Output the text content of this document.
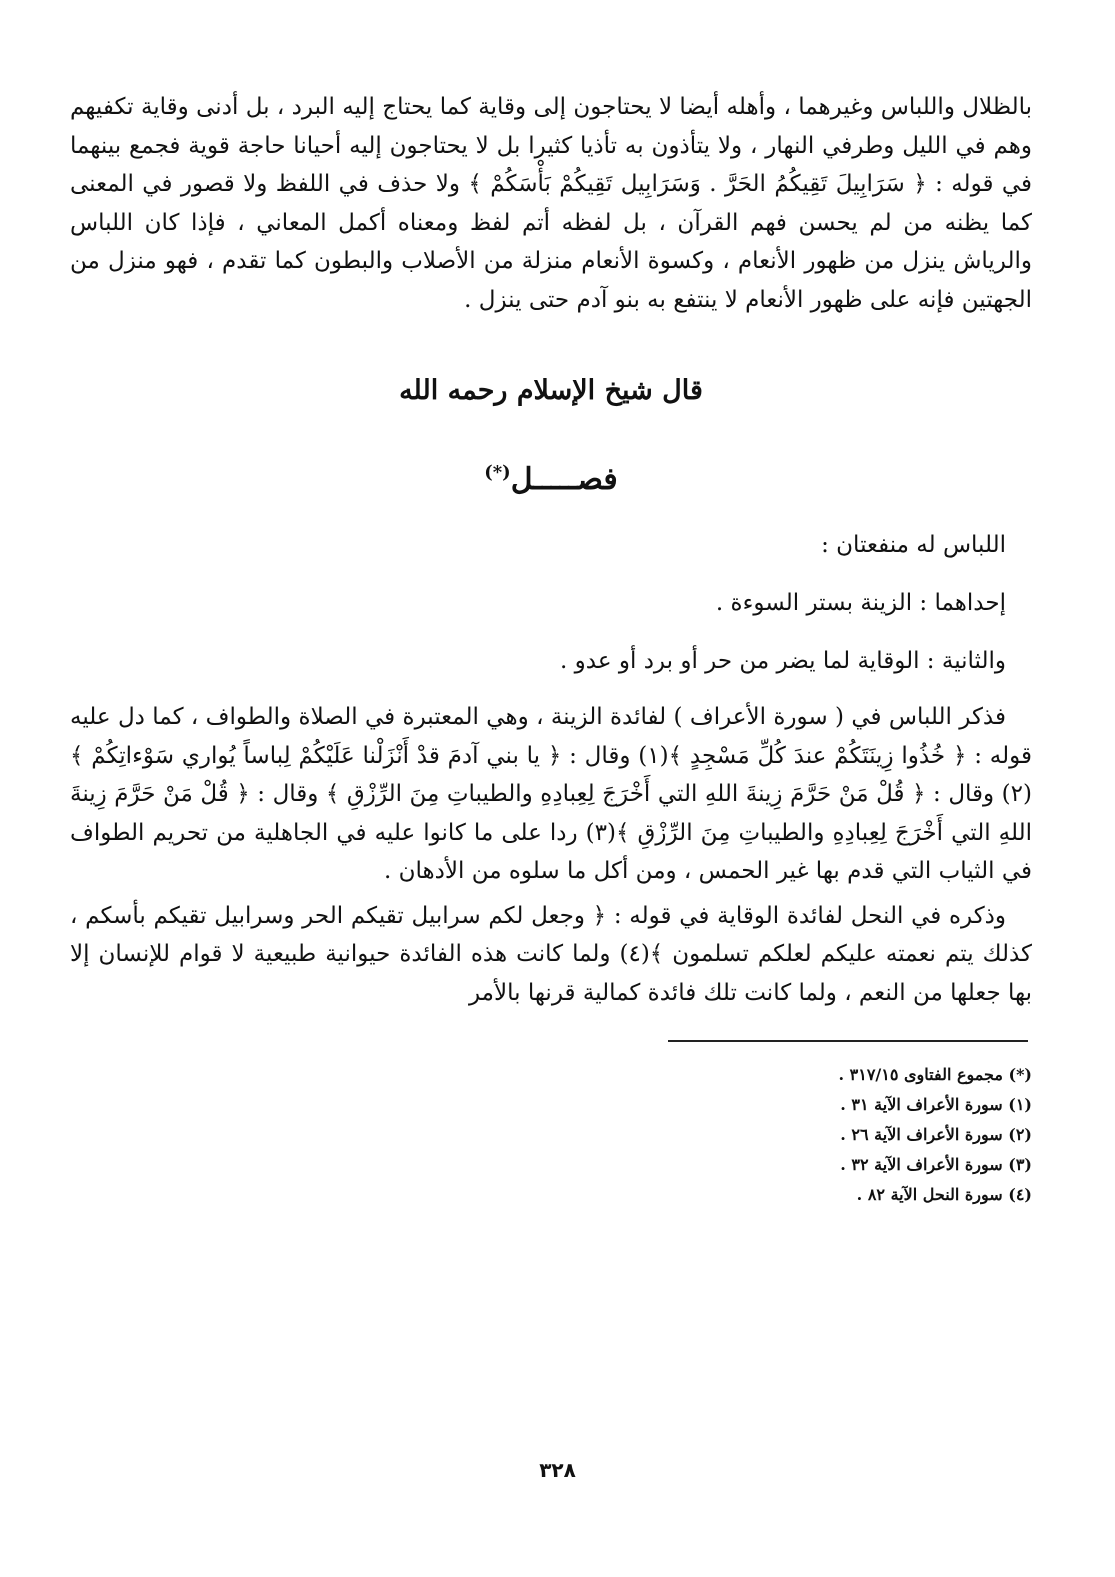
بالظلال واللباس وغيرهما ، وأهله أيضا لا يحتاجون إلى وقاية كما يحتاج إليه البرد ، بل أدنى وقاية تكفيهم وهم في الليل وطرفي النهار ، ولا يتأذون به تأذيا كثيرا بل لا يحتاجون إليه أحيانا حاجة قوية فجمع بينهما في قوله : ﴿ سَرَابِيلَ تَقِيكُمُ الحَرَّ . وَسَرَابِيل تَقِيكُمْ بَأْسَكُمْ ﴾ ولا حذف في اللفظ ولا قصور في المعنى كما يظنه من لم يحسن فهم القرآن ، بل لفظه أتم لفظ ومعناه أكمل المعاني ، فإذا كان اللباس والرياش ينزل من ظهور الأنعام ، وكسوة الأنعام منزلة من الأصلاب والبطون كما تقدم ، فهو منزل من الجهتين فإنه على ظهور الأنعام لا ينتفع به بنو آدم حتى ينزل .

قال شيخ الإسلام رحمه الله
فصـــــل(*)

اللباس له منفعتان :

إحداهما : الزينة بستر السوءة .

والثانية : الوقاية لما يضر من حر أو برد أو عدو .

فذكر اللباس في ( سورة الأعراف ) لفائدة الزينة ، وهي المعتبرة في الصلاة والطواف ، كما دل عليه قوله : ﴿ خُذُوا زِينَتَكُمْ عندَ كُلِّ مَسْجِدٍ ﴾(١) وقال : ﴿ يا بني آدمَ قدْ أَنْزَلْنا عَلَيْكُمْ لِباساً يُواري سَوْءاتِكُمْ ﴾(٢) وقال : ﴿ قُلْ مَنْ حَرَّمَ زِينةَ اللهِ التي أَخْرَجَ لِعِبادِهِ والطيباتِ مِنَ الرِّزْقِ ﴾ وقال : ﴿ قُلْ مَنْ حَرَّمَ زِينةَ اللهِ التي أَخْرَجَ لِعِبادِهِ والطيباتِ مِنَ الرِّزْقِ ﴾(٣) ردا على ما كانوا عليه في الجاهلية من تحريم الطواف في الثياب التي قدم بها غير الحمس ، ومن أكل ما سلوه من الأدهان .

وذكره في النحل لفائدة الوقاية في قوله : ﴿ وجعل لكم سرابيل تقيكم الحر وسرابيل تقيكم بأسكم ، كذلك يتم نعمته عليكم لعلكم تسلمون ﴾(٤) ولما كانت هذه الفائدة حيوانية طبيعية لا قوام للإنسان إلا بها جعلها من النعم ، ولما كانت تلك فائدة كمالية قرنها بالأمر

(*) مجموع الفتاوى ٣١٧/١٥ .
(١) سورة الأعراف الآية ٣١ .
(٢) سورة الأعراف الآية ٢٦ .
(٣) سورة الأعراف الآية ٣٢ .
(٤) سورة النحل الآية ٨٢ .
٣٢٨
